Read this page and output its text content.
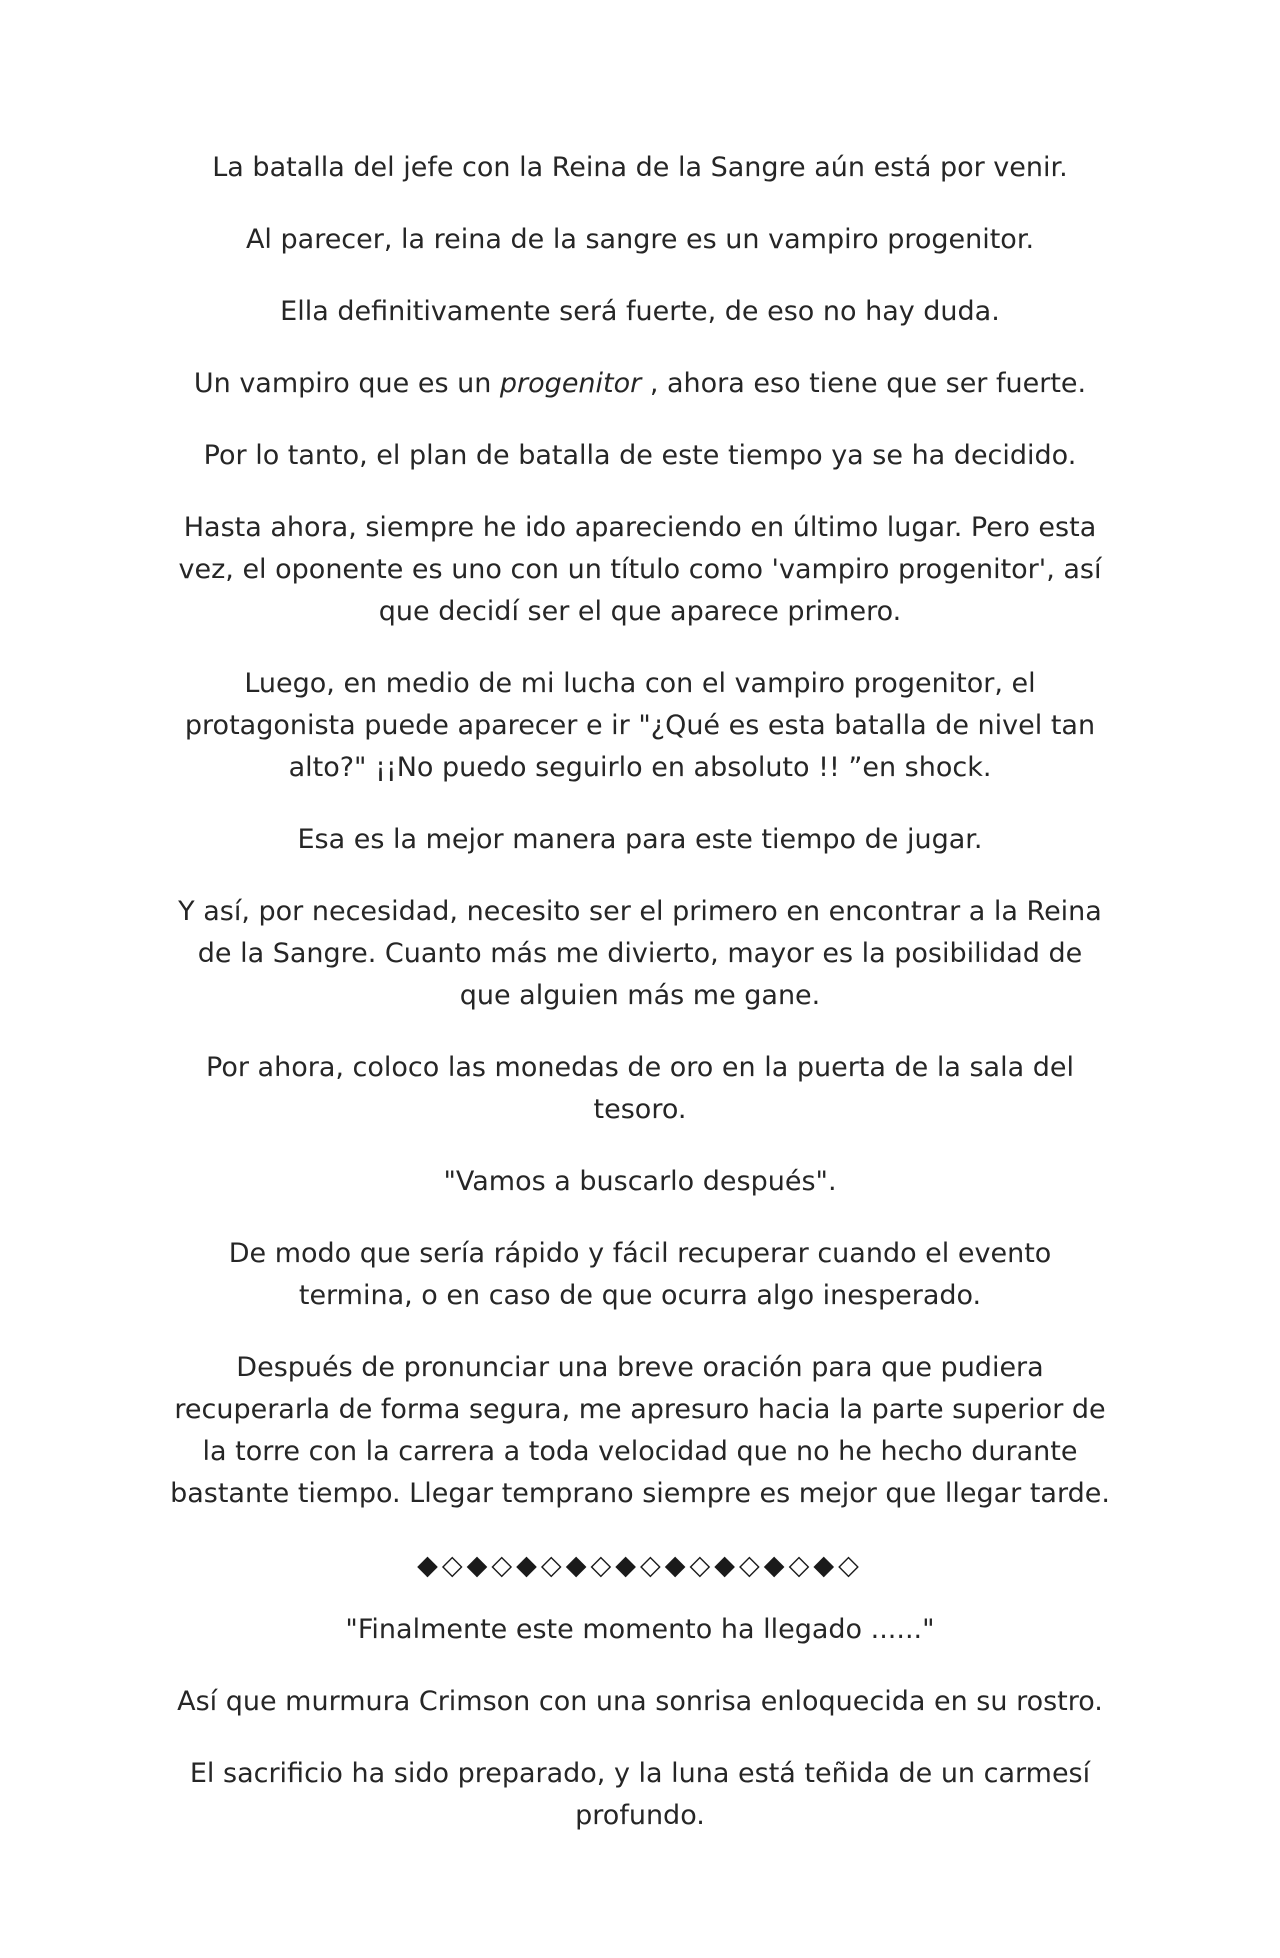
La batalla del jefe con la Reina de la Sangre aún está por venir.

Al parecer, la reina de la sangre es un vampiro progenitor.

Ella definitivamente será fuerte, de eso no hay duda.

Un vampiro que es un progenitor , ahora eso tiene que ser fuerte.

Por lo tanto, el plan de batalla de este tiempo ya se ha decidido.

Hasta ahora, siempre he ido apareciendo en último lugar. Pero esta vez, el oponente es uno con un título como 'vampiro progenitor', así que decidí ser el que aparece primero.

Luego, en medio de mi lucha con el vampiro progenitor, el protagonista puede aparecer e ir "¿Qué es esta batalla de nivel tan alto?" ¡¡No puedo seguirlo en absoluto !! ”en shock.

Esa es la mejor manera para este tiempo de jugar.

Y así, por necesidad, necesito ser el primero en encontrar a la Reina de la Sangre. Cuanto más me divierto, mayor es la posibilidad de que alguien más me gane.

Por ahora, coloco las monedas de oro en la puerta de la sala del tesoro.

"Vamos a buscarlo después".

De modo que sería rápido y fácil recuperar cuando el evento termina, o en caso de que ocurra algo inesperado.

Después de pronunciar una breve oración para que pudiera recuperarla de forma segura, me apresuro hacia la parte superior de la torre con la carrera a toda velocidad que no he hecho durante bastante tiempo. Llegar temprano siempre es mejor que llegar tarde.

◆◇◆◇◆◇◆◇◆◇◆◇◆◇◆◇◆◇

"Finalmente este momento ha llegado ......"

Así que murmura Crimson con una sonrisa enloquecida en su rostro.

El sacrificio ha sido preparado, y la luna está teñida de un carmesí profundo.
